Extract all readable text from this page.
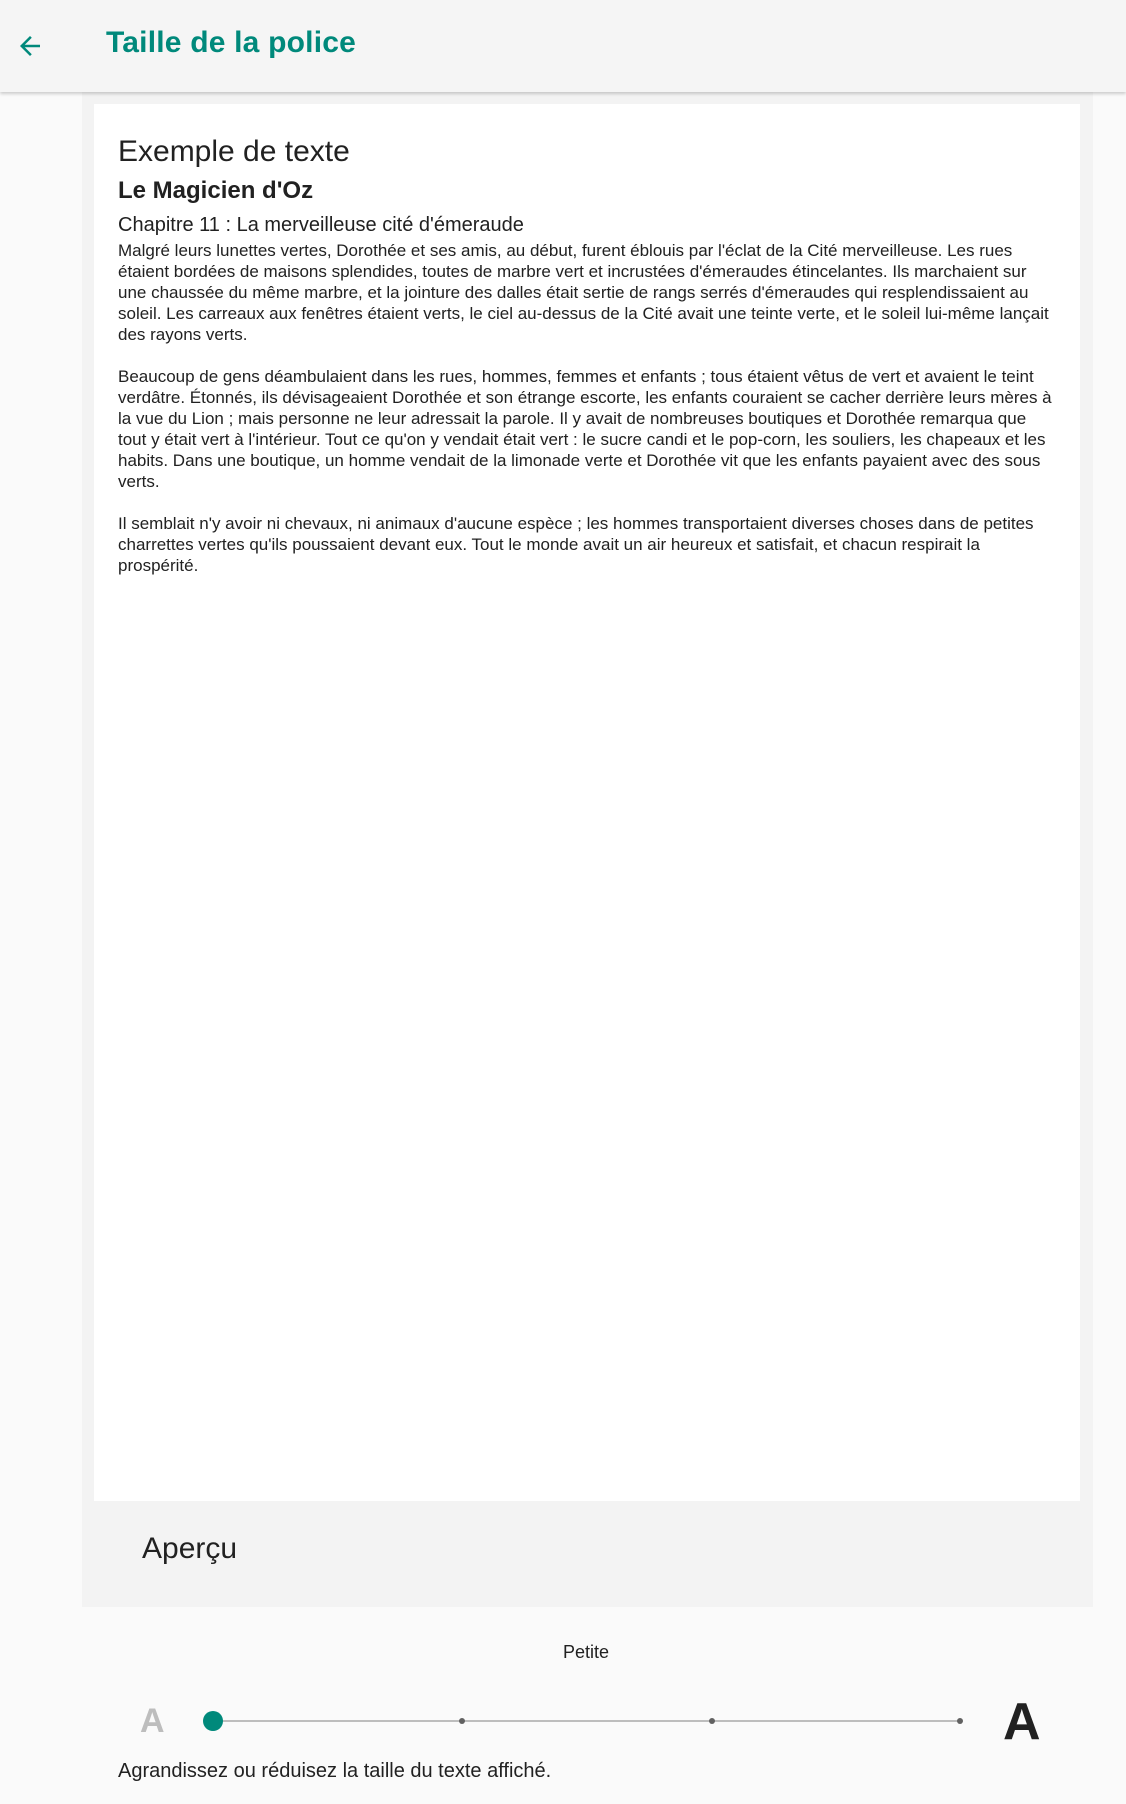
Taille de la police
Exemple de texte
Le Magicien d'Oz
Chapitre 11 : La merveilleuse cité d'émeraude

Malgré leurs lunettes vertes, Dorothée et ses amis, au début, furent éblouis par l'éclat de la Cité merveilleuse. Les rues étaient bordées de maisons splendides, toutes de marbre vert et incrustées d'émeraudes étincelantes. Ils marchaient sur une chaussée du même marbre, et la jointure des dalles était sertie de rangs serrés d'émeraudes qui resplendissaient au soleil. Les carreaux aux fenêtres étaient verts, le ciel au-dessus de la Cité avait une teinte verte, et le soleil lui-même lançait des rayons verts.

Beaucoup de gens déambulaient dans les rues, hommes, femmes et enfants ; tous étaient vêtus de vert et avaient le teint verdâtre. Étonnés, ils dévisageaient Dorothée et son étrange escorte, les enfants couraient se cacher derrière leurs mères à la vue du Lion ; mais personne ne leur adressait la parole. Il y avait de nombreuses boutiques et Dorothée remarqua que tout y était vert à l'intérieur. Tout ce qu'on y vendait était vert : le sucre candi et le pop-corn, les souliers, les chapeaux et les habits. Dans une boutique, un homme vendait de la limonade verte et Dorothée vit que les enfants payaient avec des sous verts.

Il semblait n'y avoir ni chevaux, ni animaux d'aucune espèce ; les hommes transportaient diverses choses dans de petites charrettes vertes qu'ils poussaient devant eux. Tout le monde avait un air heureux et satisfait, et chacun respirait la prospérité.

Aperçu
Petite
A	A
Agrandissez ou réduisez la taille du texte affiché.
